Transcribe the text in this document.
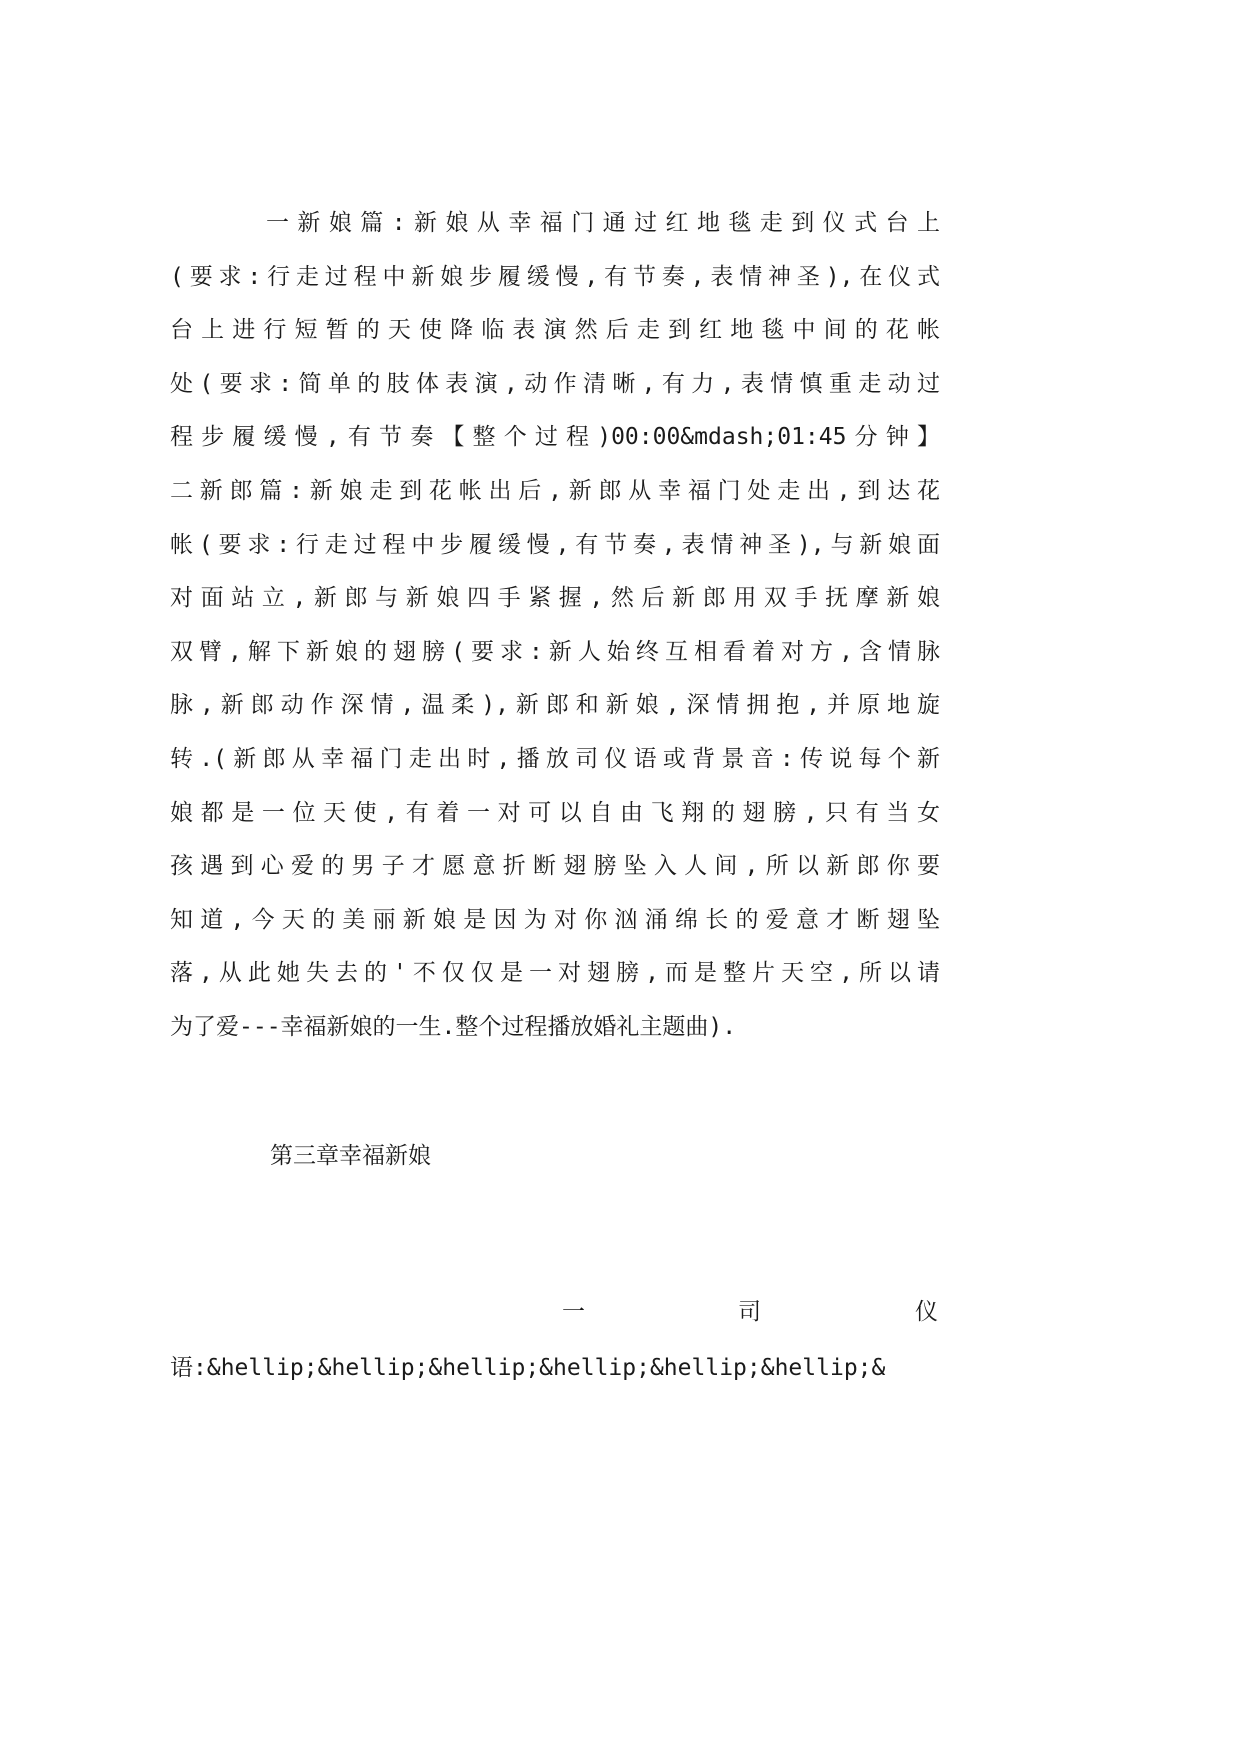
一新娘篇:新娘从幸福门通过红地毯走到仪式台上
(要求:行走过程中新娘步履缓慢,有节奏,表情神圣),在仪式
台上进行短暂的天使降临表演然后走到红地毯中间的花帐
处(要求:简单的肢体表演,动作清晰,有力,表情慎重走动过
程步履缓慢,有节奏【整个过程)00:00&mdash;01:45分钟】
二新郎篇:新娘走到花帐出后,新郎从幸福门处走出,到达花
帐(要求:行走过程中步履缓慢,有节奏,表情神圣),与新娘面
对面站立,新郎与新娘四手紧握,然后新郎用双手抚摩新娘
双臂,解下新娘的翅膀(要求:新人始终互相看着对方,含情脉
脉,新郎动作深情,温柔),新郎和新娘,深情拥抱,并原地旋
转.(新郎从幸福门走出时,播放司仪语或背景音:传说每个新
娘都是一位天使,有着一对可以自由飞翔的翅膀,只有当女
孩遇到心爱的男子才愿意折断翅膀坠入人间,所以新郎你要
知道,今天的美丽新娘是因为对你汹涌绵长的爱意才断翅坠
落,从此她失去的'不仅仅是一对翅膀,而是整片天空,所以请
为了爱---幸福新娘的一生.整个过程播放婚礼主题曲).
第三章幸福新娘
一	司	仪
语:&hellip;&hellip;&hellip;&hellip;&hellip;&hellip;&
